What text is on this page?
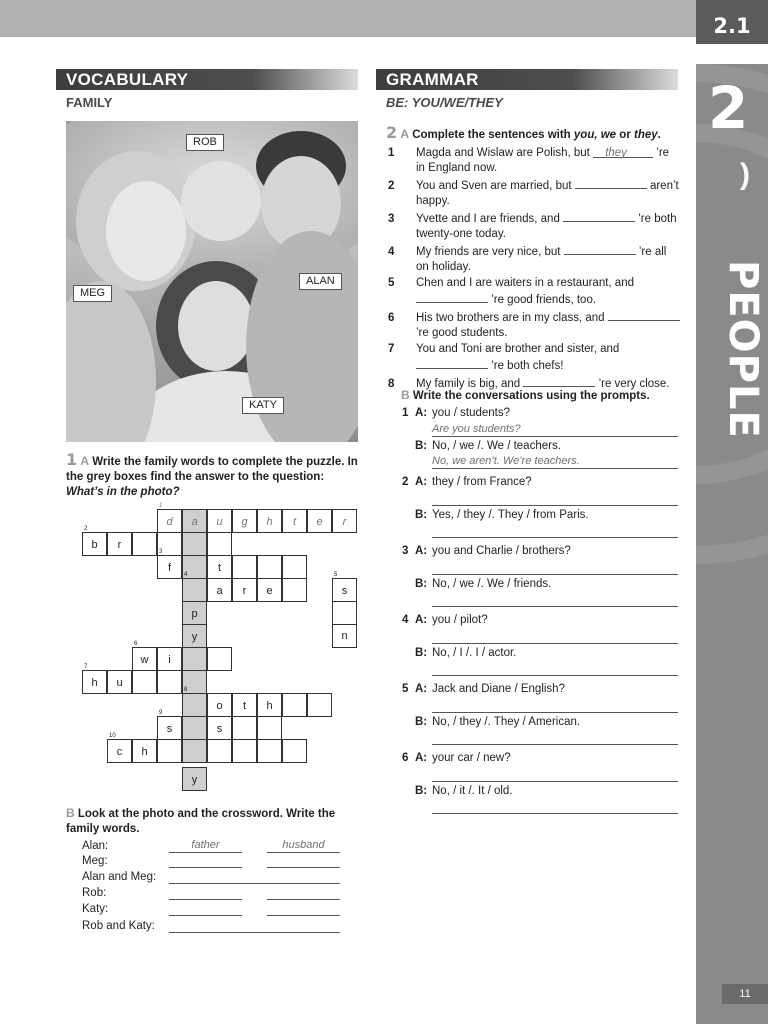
2.1
2
)
PEOPLE
11
VOCABULARY
FAMILY
ROB
MEG
ALAN
KATY
1 A Write the family words to complete the puzzle. In the grey boxes find the answer to the question: What’s in the photo?
1
d	a	u	g	h	t	e	r
2
b	r
3
f	t
4
a	r	e
5
s
n
p
y
6
w	i
7
h	u
8
o	t	h
9
s	s
10
c	h
y
B Look at the photo and the crossword. Write the family words.
Alan:	father	husband
Meg:
Alan and Meg:
Rob:
Katy:
Rob and Katy:
GRAMMAR
BE: YOU/WE/THEY
2 A Complete the sentences with you, we or they.
1 Magda and Wislaw are Polish, but they ’re in England now.
2 You and Sven are married, but	aren’t happy.
3 Yvette and I are friends, and	’re both twenty-one today.
4 My friends are very nice, but	’re all on holiday.
5 Chen and I are waiters in a restaurant, and  ’re good friends, too.
6 His two brothers are in my class, and  ’re good students.
7 You and Toni are brother and sister, and  ’re both chefs!
8 My family is big, and	’re very close.
B Write the conversations using the prompts.
1 A: you / students?
Are you students?
B: No, / we /. We / teachers.
No, we aren’t. We’re teachers.
2 A: they / from France?
B: Yes, / they /. They / from Paris.
3 A: you and Charlie / brothers?
B: No, / we /. We / friends.
4 A: you / pilot?
B: No, / I /. I / actor.
5 A: Jack and Diane / English?
B: No, / they /. They / American.
6 A: your car / new?
B: No, / it /. It / old.
